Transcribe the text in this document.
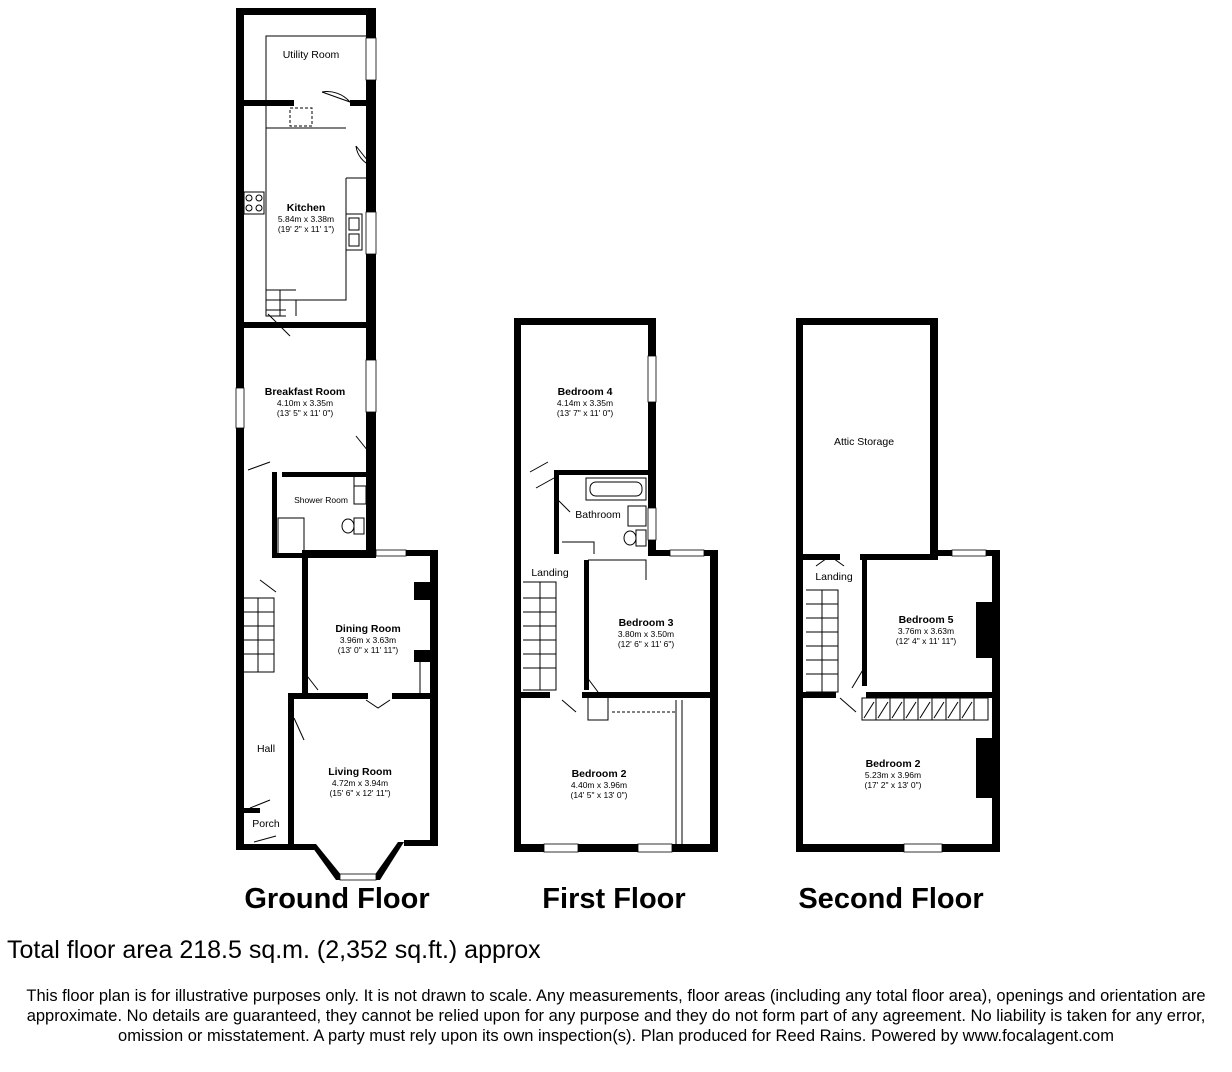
Utility Room
Kitchen
5.84m x 3.38m
(19' 2" x 11' 1")
Breakfast Room
4.10m x 3.35m
(13' 5" x 11' 0")
Shower Room
Dining Room
3.96m x 3.63m
(13' 0" x 11' 11")
Hall
Living Room
4.72m x 3.94m
(15' 6" x 12' 11")
Porch
Bedroom 4
4.14m x 3.35m
(13' 7" x 11' 0")
Bathroom
Landing
Bedroom 3
3.80m x 3.50m
(12' 6" x 11' 6")
Bedroom 2
4.40m x 3.96m
(14' 5" x 13' 0")
Attic Storage
Landing
Bedroom 5
3.76m x 3.63m
(12' 4" x 11' 11")
Bedroom 2
5.23m x 3.96m
(17' 2" x 13' 0")
Ground Floor	First Floor	Second Floor

Total floor area 218.5 sq.m. (2,352 sq.ft.) approx

This floor plan is for illustrative purposes only. It is not drawn to scale. Any measurements, floor areas (including any total floor area), openings and orientation are approximate. No details are guaranteed, they cannot be relied upon for any purpose and they do not form part of any agreement. No liability is taken for any error, omission or misstatement. A party must rely upon its own inspection(s). Plan produced for Reed Rains. Powered by www.focalagent.com
